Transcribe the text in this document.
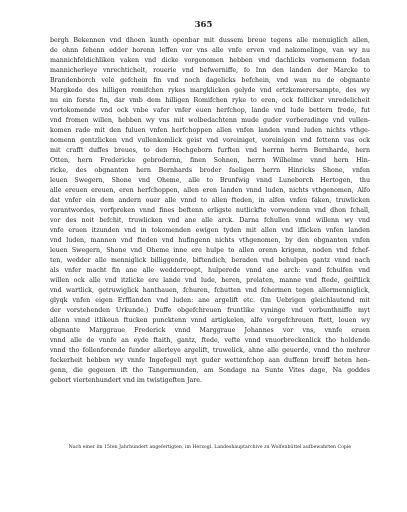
365
bergh Bekennen vnd dhoen kunth openbar mit dussem breue tegens alle menuiglich allen,
de ohnn fehenn edder horenn leffen vor vns alle vnfe erven vnd nakomelinge, van wy nu
mannichfeldichliken vaken vnd dicke vorgenomen hebben vnd dachlicks vornemenn fodan
mannicherleye vnrechtichelt, rouerie vnd befwerniffe, fo Inn den landen der Marcke to
Brandenborch vele gefchein fin vnd noch dagelicks befchein, vnd wan nu de obgnante
Margkede des hilligen romifchen rykes margklicken gelyde vnd ertzkemerersampte, des wy
nu ein forste fin, dar vmb dem hilligen Romifchen ryke to eren, ock follicker vnredelicheit
vortokomende vnd ock vnbe vafer vnfer euen herfchop, lande vnd lude bettern frede, fut
vnd fromen willen, hebben wy vns mit wolbedachtenn mude guder vorberadinge vnd vullen-
komen rade mit den fuluen vnfen herfchoppen allen vnfen landen vnnd luden nichts vthge-
nomenn gentzlicken vnd vullenkomlick geist vnd voreiniget, voreinigen vnd fettenn vas ock
mit crafft duffes breues, to den Hochgeborn furften vnd herrnn herrn Bernharde, hern
Otten, hern Fredericke gebrodernn, finen Sohnen, herrn Wilhelme vnnd hern Hin-
ricke, des obgnanten hern Bernhards broder faeligen herrn Hinricks Shone, vnfen
leuen Swegern, Shone vnd Oheme, alle to Brunfwig vnnd Luneborch Hertogen, thu
alle ereuen ereuen, eren herfchoppen, allen eren landen vnnd luden, nichts vthgenomen, Alfo
dat vnfer ein dem andern ouer alle vnnd to allen fteden, in alfen vnfen faken, truwlicken
vorantwordes, vorfpreken vnnd fines beftenn erligste nutlickfte vorwendenn vnd dhon fchall,
vor des noit befchit, truwlicken vnd ane alle arck. Darna fchullen vnnd willenn wy vnd
vnfe eruen itzunden vnd in tokomenden ewigen tyden mit allen vnd iflicken vnfen landen
vnd luden, mannen vnd fteden vnd hufingenn nichts vthgenomen, by den obgnanten vnfen
leuen Swegern, Shone vnd Oheme inne ere hulpe to allen orenn krigenn, noden vnd fchef-
ten, wedder alle menniglick billiggende, biftendich, beraden vnd behulpen gantz vnnd nach
als vnfer macht fin ane alle wedderroept, hulperede vnnd ane arch: vand fchulfen vnd
willen ock alle vnd itzlicke ere lande vnd lude, heren, prelaten, manne vnd ftede, geiftlick
vnd wartlick, getruwiglick hanthauen, fchuren, fchutten vnd fchermen tegen allermenniglick,
glyqk vnfen eigen Erfflanden vnd luden: ane argelift etc. (Im Uebrigen gleichlautend mit
der vorstehenden Urkunde.) Duffe obgefchreuen fruntlike vyninge vnd vorbunthniffe myt
allenn vnnd itlikeun ftucken puncktenn vnnd artigkelen, alfe vorgefchreuen ftett, louen wy
obgnante Marggraue Frederick vnnd Marggraue Johannes vor vns, vnnfe eruen
vnnd alle de vnnfe an eyde ftaith, gantz, ftede, vefte vnnd vnuorbreckenlick tho holdende
vnnd tho follenforende funder allerleye argelift, truwelick, ahne alle geuerde, vnnd tho mehrer
feckerheit hebben wy vnnfe Ingefegell myt guder wettenfchop aan duffenn breiff heten hen-
genn, die gegeuen ift tho Tangermunden, am Sondage na Sunte Vites dage, Na goddes
gebort viertenhundert vnd im twistigeften Jare.
Nach einer im 15ten Jahrhundert angefertigten, im Herzogl. Landeshauptarchive zu Wolfenbüttel aufbewahrten Copie
